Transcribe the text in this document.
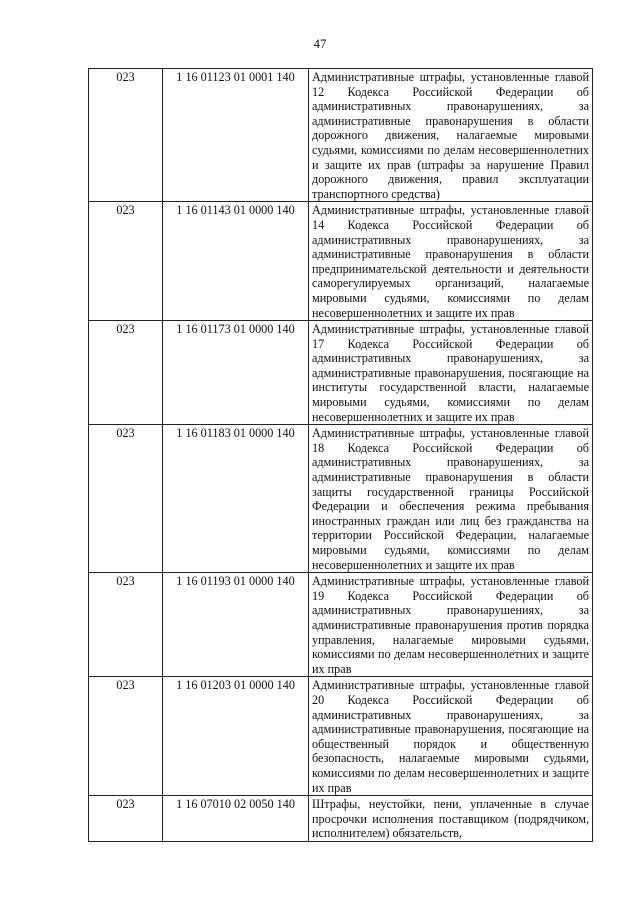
47
023	1 16 01123 01 0001 140	Административные штрафы, установленные главой 12 Кодекса Российской Федерации об административных правонарушениях, за административные правонарушения в области дорожного движения, налагаемые мировыми судьями, комиссиями по делам несовершеннолетних и защите их прав (штрафы за нарушение Правил дорожного движения, правил эксплуатации транспортного средства)
023	1 16 01143 01 0000 140	Административные штрафы, установленные главой 14 Кодекса Российской Федерации об административных правонарушениях, за административные правонарушения в области предпринимательской деятельности и деятельности саморегулируемых организаций, налагаемые мировыми судьями, комиссиями по делам несовершеннолетних и защите их прав
023	1 16 01173 01 0000 140	Административные штрафы, установленные главой 17 Кодекса Российской Федерации об административных правонарушениях, за административные правонарушения, посягающие на институты государственной власти, налагаемые мировыми судьями, комиссиями по делам несовершеннолетних и защите их прав
023	1 16 01183 01 0000 140	Административные штрафы, установленные главой 18 Кодекса Российской Федерации об административных правонарушениях, за административные правонарушения в области защиты государственной границы Российской Федерации и обеспечения режима пребывания иностранных граждан или лиц без гражданства на территории Российской Федерации, налагаемые мировыми судьями, комиссиями по делам несовершеннолетних и защите их прав
023	1 16 01193 01 0000 140	Административные штрафы, установленные главой 19 Кодекса Российской Федерации об административных правонарушениях, за административные правонарушения против порядка управления, налагаемые мировыми судьями, комиссиями по делам несовершеннолетних и защите их прав
023	1 16 01203 01 0000 140	Административные штрафы, установленные главой 20 Кодекса Российской Федерации об административных правонарушениях, за административные правонарушения, посягающие на общественный порядок и общественную безопасность, налагаемые мировыми судьями, комиссиями по делам несовершеннолетних и защите их прав
023	1 16 07010 02 0050 140	Штрафы, неустойки, пени, уплаченные в случае просрочки исполнения поставщиком (подрядчиком, исполнителем) обязательств,
